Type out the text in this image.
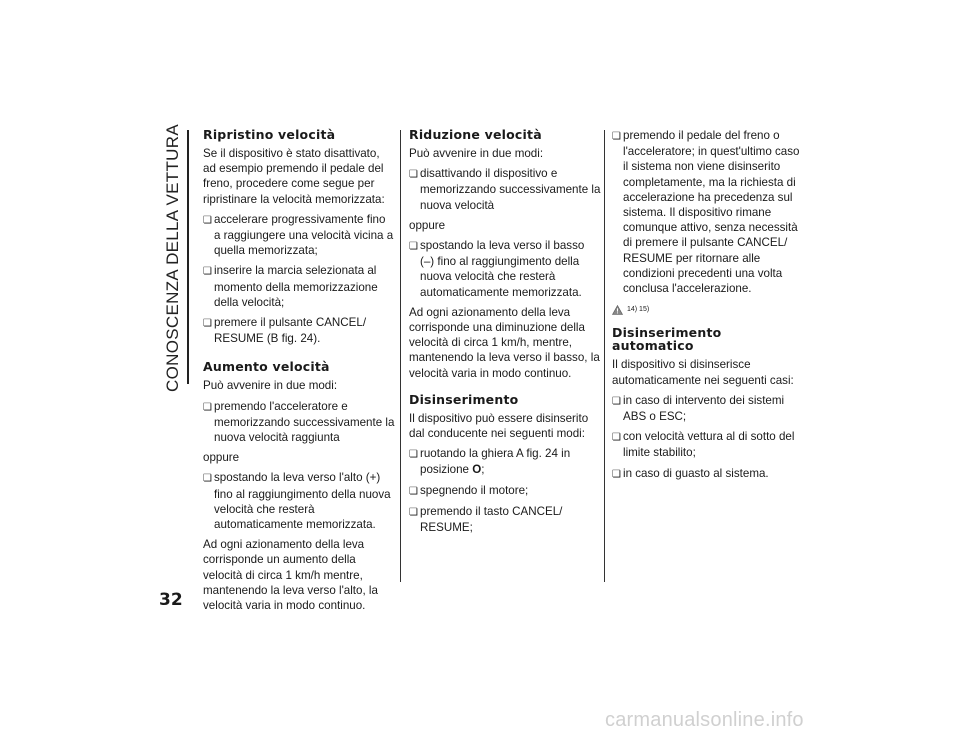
CONOSCENZA DELLA VETTURA Ripristino velocità

Se il dispositivo è stato disattivato, ad esempio premendo il pedale del freno, procedere come segue per ripristinare la velocità memorizzata:

❏accelerare progressivamente fino a raggiungere una velocità vicina a quella memorizzata;
❏inserire la marcia selezionata al momento della memorizzazione della velocità;
❏premere il pulsante CANCEL/ RESUME (B fig. 24).
Aumento velocità

Può avvenire in due modi:

❏premendo l'acceleratore e memorizzando successivamente la nuova velocità raggiunta

oppure

❏spostando la leva verso l'alto (+) fino al raggiungimento della nuova velocità che resterà automaticamente memorizzata.

Ad ogni azionamento della leva corrisponde un aumento della velocità di circa 1 km/h mentre, mantenendo la leva verso l'alto, la velocità varia in modo continuo.

Riduzione velocità

Può avvenire in due modi:

❏disattivando il dispositivo e memorizzando successivamente la nuova velocità

oppure

❏spostando la leva verso il basso (–) fino al raggiungimento della nuova velocità che resterà automaticamente memorizzata.

Ad ogni azionamento della leva corrisponde una diminuzione della velocità di circa 1 km/h, mentre, mantenendo la leva verso il basso, la velocità varia in modo continuo.

Disinserimento

Il dispositivo può essere disinserito dal conducente nei seguenti modi:

❏ruotando la ghiera A fig. 24 in posizione O;
❏spegnendo il motore;
❏premendo il tasto CANCEL/ RESUME;
❏premendo il pedale del freno o l'acceleratore; in quest'ultimo caso il sistema non viene disinserito completamente, ma la richiesta di accelerazione ha precedenza sul sistema. Il dispositivo rimane comunque attivo, senza necessità di premere il pulsante CANCEL/ RESUME per ritornare alle condizioni precedenti una volta conclusa l'accelerazione.
14) 15)
Disinserimento automatico

Il dispositivo si disinserisce automaticamente nei seguenti casi:

❏in caso di intervento dei sistemi ABS o ESC;
❏con velocità vettura al di sotto del limite stabilito;
❏in caso di guasto al sistema.
32
carmanualsonline.info
